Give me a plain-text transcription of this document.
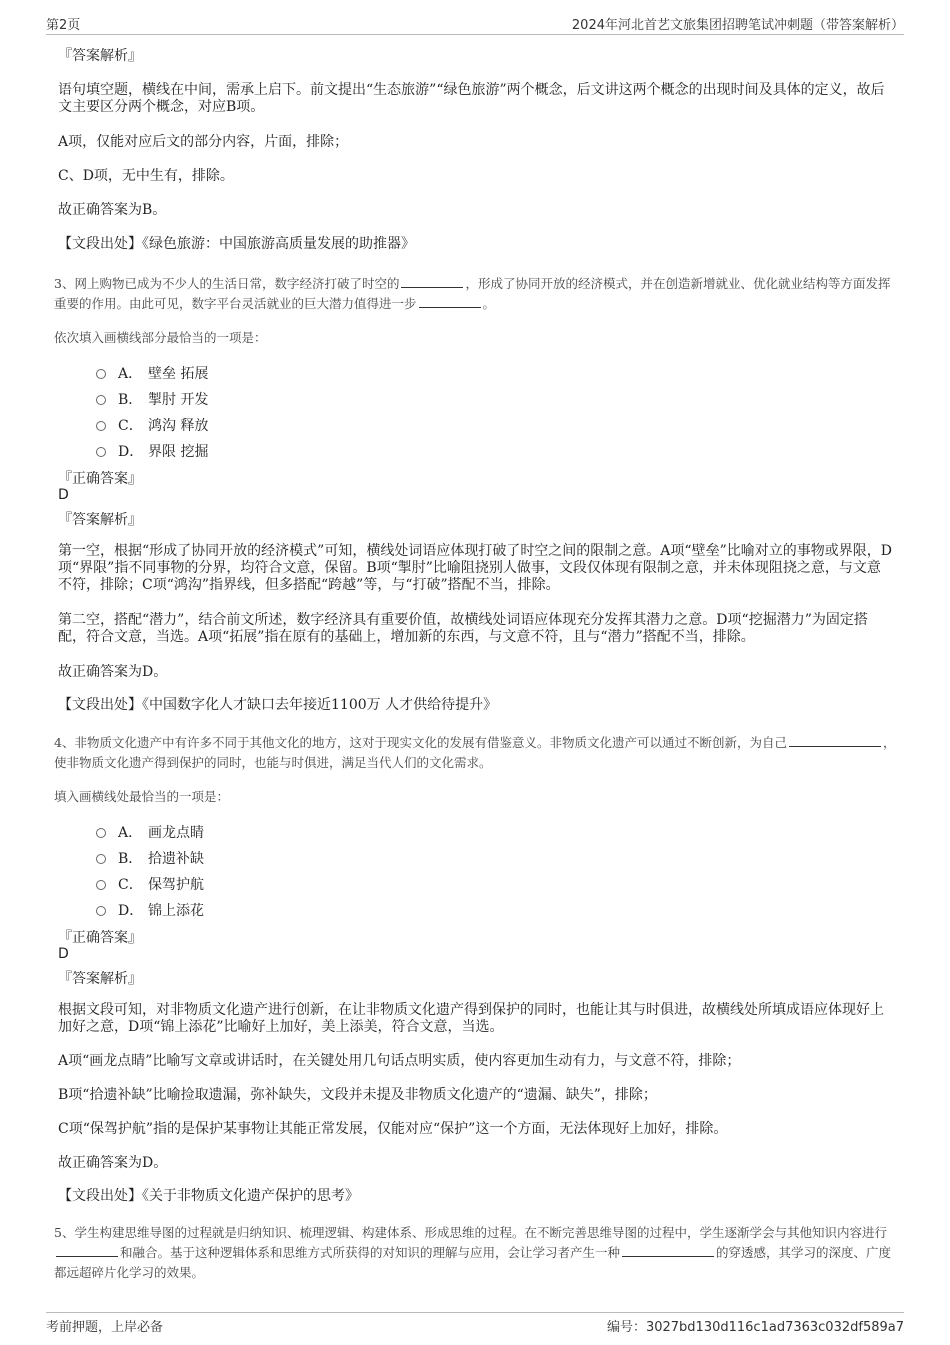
第2页	2024年河北首艺文旅集团招聘笔试冲刺题（带答案解析）
『答案解析』
语句填空题，横线在中间，需承上启下。前文提出“生态旅游”“绿色旅游”两个概念，后文讲这两个概念的出现时间及具体的定义，故后文主要区分两个概念，对应B项。
A项，仅能对应后文的部分内容，片面，排除；
C、D项，无中生有，排除。
故正确答案为B。
【文段出处】《绿色旅游：中国旅游高质量发展的助推器》
3、网上购物已成为不少人的生活日常，数字经济打破了时空的	，形成了协同开放的经济模式，并在创造新增就业、优化就业结构等方面发挥重要的作用。由此可见，数字平台灵活就业的巨大潜力值得进一步	。
依次填入画横线部分最恰当的一项是：
A． 壁垒 拓展
B． 掣肘 开发
C． 鸿沟 释放
D． 界限 挖掘
『正确答案』
D
『答案解析』
第一空，根据“形成了协同开放的经济模式”可知，横线处词语应体现打破了时空之间的限制之意。A项“壁垒”比喻对立的事物或界限，D项“界限”指不同事物的分界，均符合文意，保留。B项“掣肘”比喻阻挠别人做事，文段仅体现有限制之意，并未体现阻挠之意，与文意不符，排除；C项“鸿沟”指界线，但多搭配“跨越”等，与“打破”搭配不当，排除。
第二空，搭配“潜力”，结合前文所述，数字经济具有重要价值，故横线处词语应体现充分发挥其潜力之意。D项“挖掘潜力”为固定搭配，符合文意，当选。A项“拓展”指在原有的基础上，增加新的东西，与文意不符，且与“潜力”搭配不当，排除。
故正确答案为D。
【文段出处】《中国数字化人才缺口去年接近1100万 人才供给待提升》
4、非物质文化遗产中有许多不同于其他文化的地方，这对于现实文化的发展有借鉴意义。非物质文化遗产可以通过不断创新，为自己	，使非物质文化遗产得到保护的同时，也能与时俱进，满足当代人们的文化需求。
填入画横线处最恰当的一项是：
A． 画龙点睛
B． 拾遗补缺
C． 保驾护航
D． 锦上添花
『正确答案』
D
『答案解析』
根据文段可知，对非物质文化遗产进行创新，在让非物质文化遗产得到保护的同时，也能让其与时俱进，故横线处所填成语应体现好上加好之意，D项“锦上添花”比喻好上加好，美上添美，符合文意，当选。
A项“画龙点睛”比喻写文章或讲话时，在关键处用几句话点明实质，使内容更加生动有力，与文意不符，排除；
B项“拾遗补缺”比喻捡取遗漏，弥补缺失，文段并未提及非物质文化遗产的“遗漏、缺失”，排除；
C项“保驾护航”指的是保护某事物让其能正常发展，仅能对应“保护”这一个方面，无法体现好上加好，排除。
故正确答案为D。
【文段出处】《关于非物质文化遗产保护的思考》
5、学生构建思维导图的过程就是归纳知识、梳理逻辑、构建体系、形成思维的过程。在不断完善思维导图的过程中，学生逐渐学会与其他知识内容进行和融合。基于这种逻辑体系和思维方式所获得的对知识的理解与应用，会让学习者产生一种	的穿透感，其学习的深度、广度都远超碎片化学习的效果。
考前押题，上岸必备	编号：3027bd130d116c1ad7363c032df589a7
